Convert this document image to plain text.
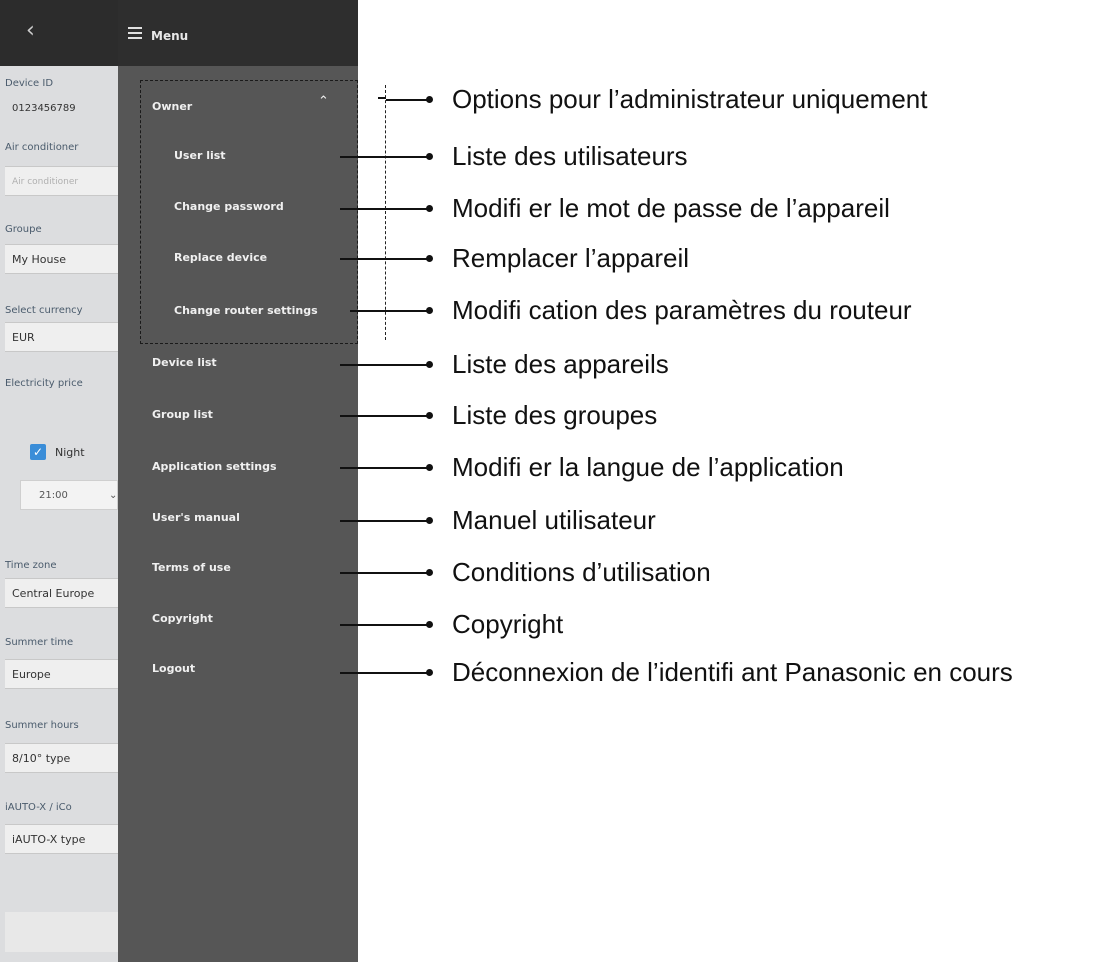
‹
Device ID
0123456789
Air conditioner
Air conditioner
Groupe
My House
Select currency
EUR
Electricity price
✓ Night
21:00	⌄
Time zone
Central Europe
Summer time
Europe
Summer hours
8/10° type
iAUTO-X / iCo
iAUTO-X type
Menu
Owner	⌃
User list
Change password
Replace device
Change router settings
Device list
Group list
Application settings
User's manual
Terms of use
Copyright
Logout
Options pour l’administrateur uniquement
Liste des utilisateurs
Modifi er le mot de passe de l’appareil
Remplacer l’appareil
Modifi cation des paramètres du routeur
Liste des appareils
Liste des groupes
Modifi er la langue de l’application
Manuel utilisateur
Conditions d’utilisation
Copyright
Déconnexion de l’identifi ant Panasonic en cours
